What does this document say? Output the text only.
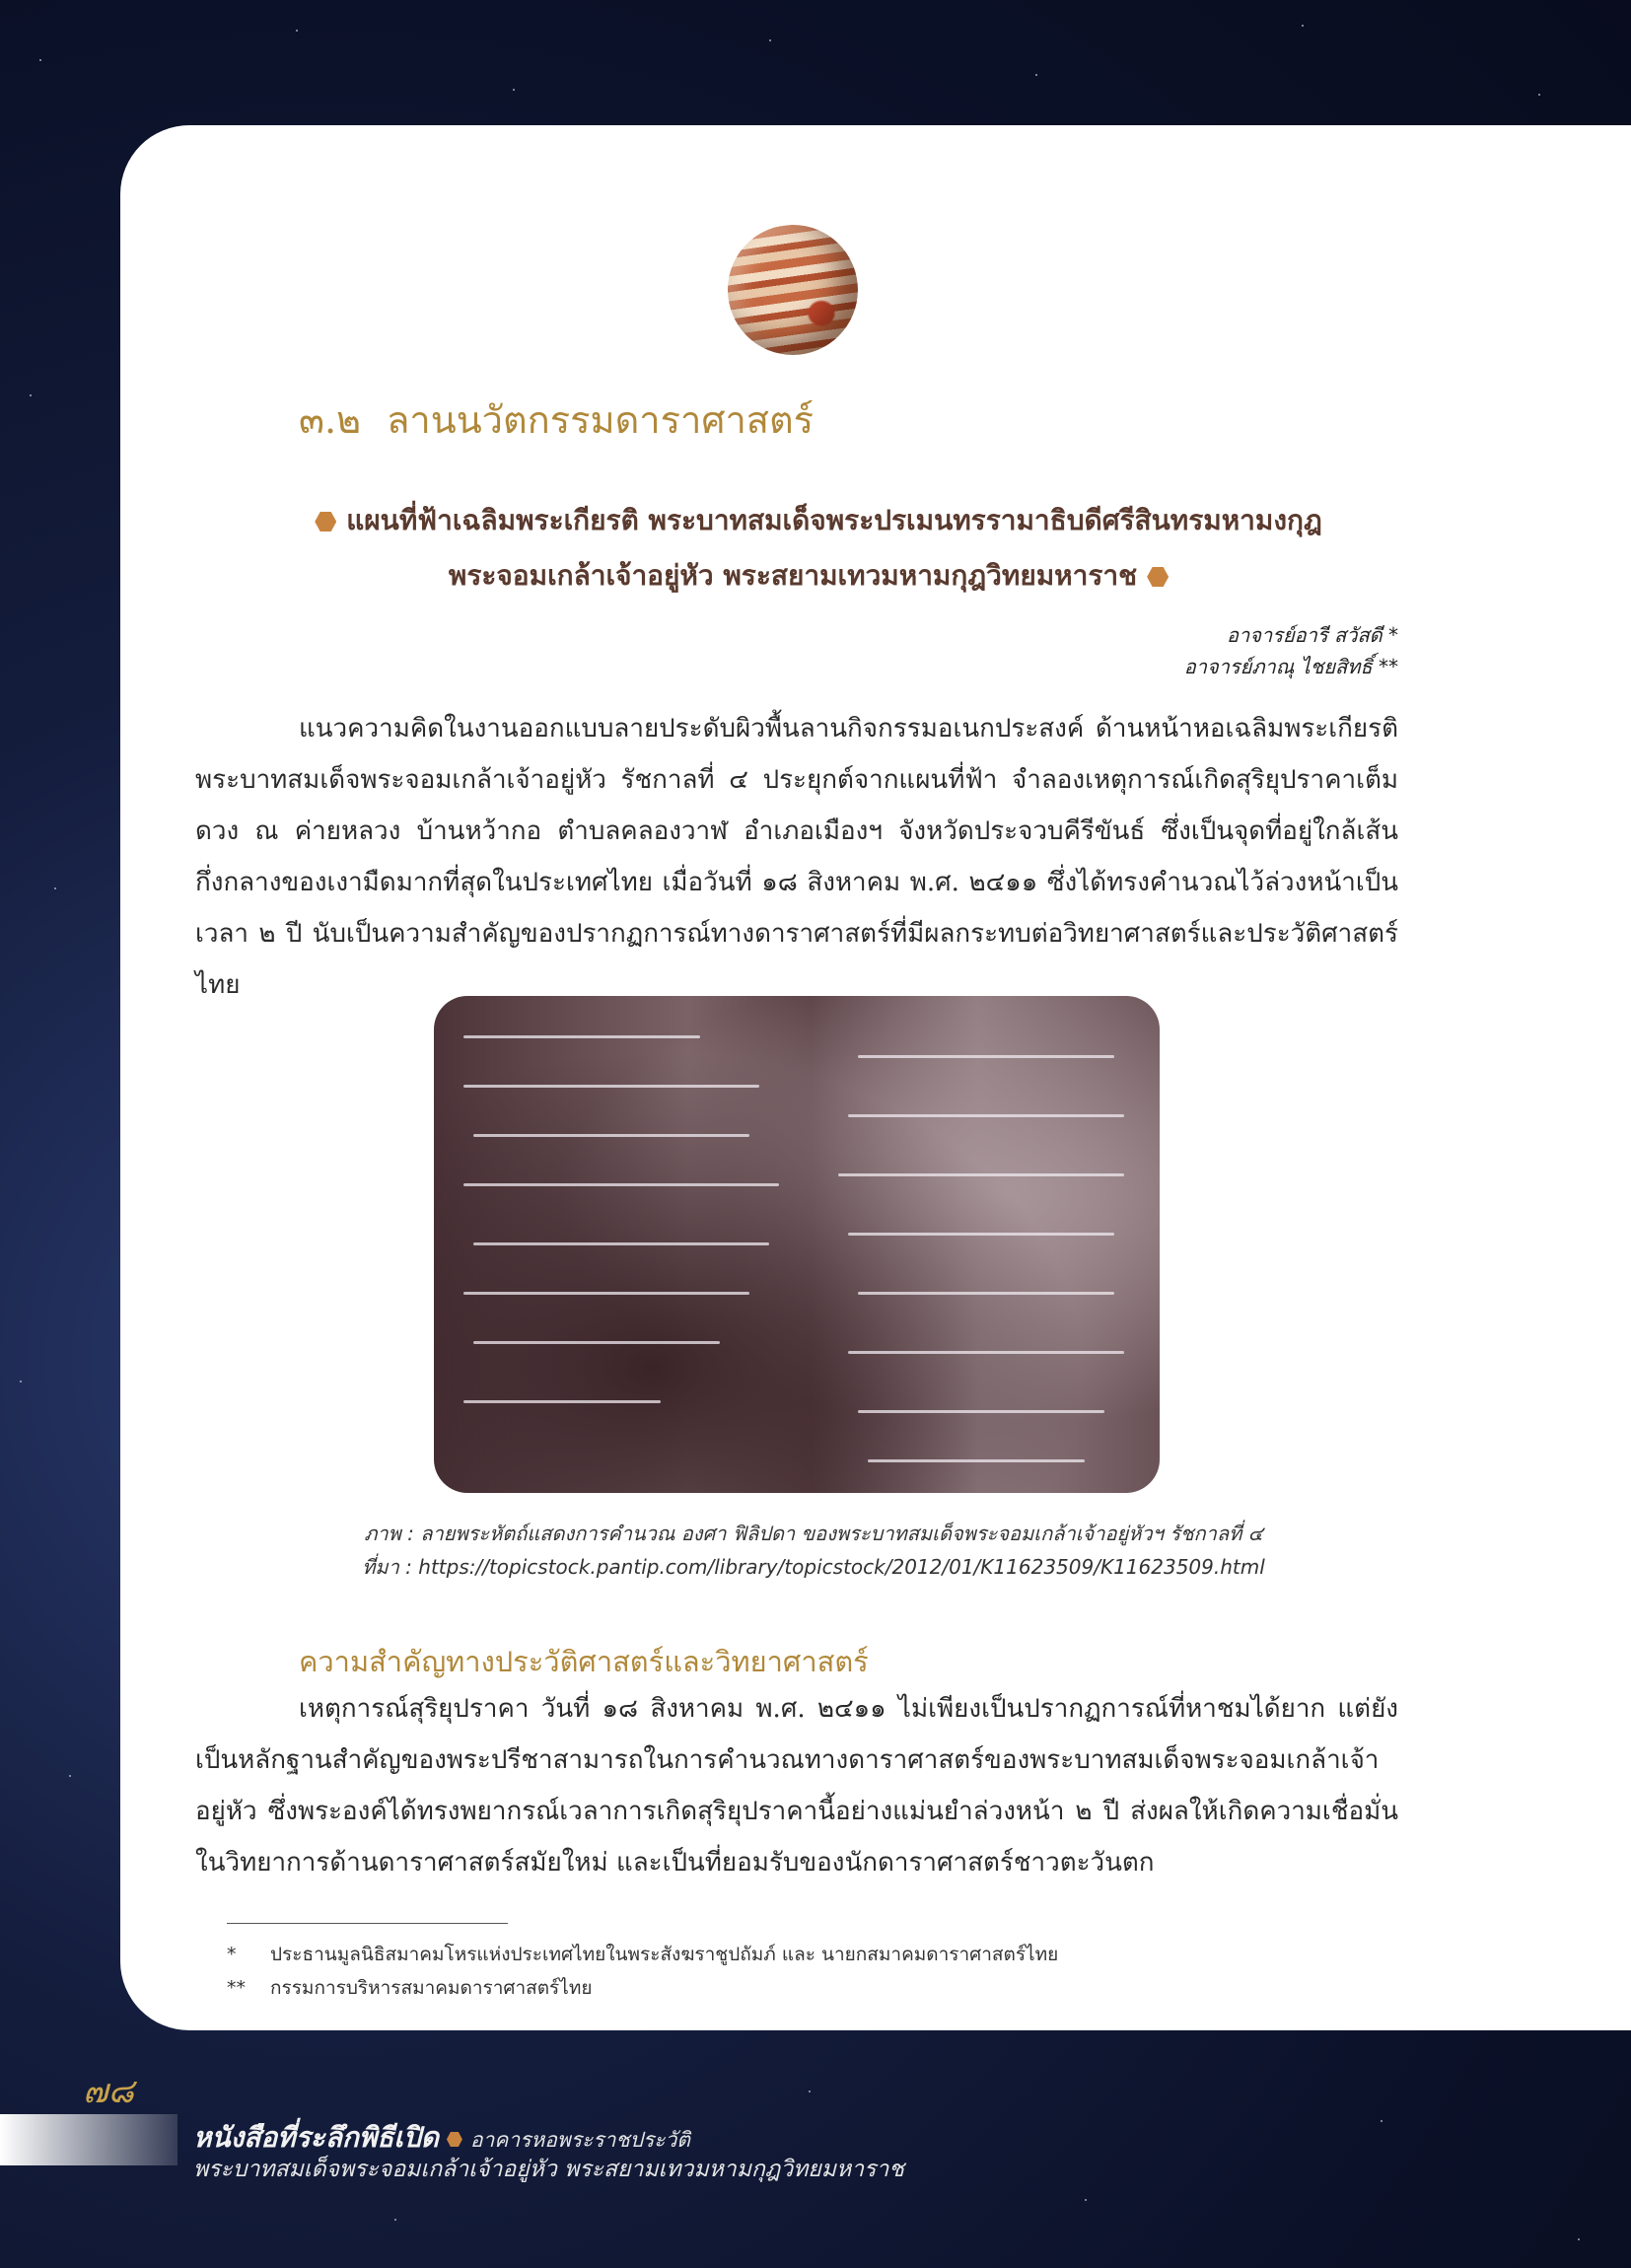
๓.๒ ลานนวัตกรรมดาราศาสตร์
แผนที่ฟ้าเฉลิมพระเกียรติ พระบาทสมเด็จพระปรเมนทรรามาธิบดีศรีสินทรมหามงกุฎ
พระจอมเกล้าเจ้าอยู่หัว พระสยามเทวมหามกุฎวิทยมหาราช
อาจารย์อารี สวัสดี *
อาจารย์ภาณุ ไชยสิทธิ์ **

แนวความคิดในงานออกแบบลายประดับผิวพื้นลานกิจกรรมอเนกประสงค์ ด้านหน้าหอเฉลิมพระเกียรติ พระบาทสมเด็จพระจอมเกล้าเจ้าอยู่หัว รัชกาลที่ ๔ ประยุกต์จากแผนที่ฟ้า จำลองเหตุการณ์เกิดสุริยุปราคาเต็มดวง ณ ค่ายหลวง บ้านหว้ากอ ตำบลคลองวาฬ อำเภอเมืองฯ จังหวัดประจวบคีรีขันธ์ ซึ่งเป็นจุดที่อยู่ใกล้เส้นกึ่งกลางของเงามืดมากที่สุดในประเทศไทย เมื่อวันที่ ๑๘ สิงหาคม พ.ศ. ๒๔๑๑ ซึ่งได้ทรงคำนวณไว้ล่วงหน้าเป็นเวลา ๒ ปี นับเป็นความสำคัญของปรากฏการณ์ทางดาราศาสตร์ที่มีผลกระทบต่อวิทยาศาสตร์และประวัติศาสตร์ไทย

ภาพ : ลายพระหัตถ์แสดงการคำนวณ องศา ฟิลิปดา ของพระบาทสมเด็จพระจอมเกล้าเจ้าอยู่หัวฯ รัชกาลที่ ๔
ที่มา : https://topicstock.pantip.com/library/topicstock/2012/01/K11623509/K11623509.html
ความสำคัญทางประวัติศาสตร์และวิทยาศาสตร์

เหตุการณ์สุริยุปราคา วันที่ ๑๘ สิงหาคม พ.ศ. ๒๔๑๑ ไม่เพียงเป็นปรากฏการณ์ที่หาชมได้ยาก แต่ยังเป็นหลักฐานสำคัญของพระปรีชาสามารถในการคำนวณทางดาราศาสตร์ของพระบาทสมเด็จพระจอมเกล้าเจ้าอยู่หัว ซึ่งพระองค์ได้ทรงพยากรณ์เวลาการเกิดสุริยุปราคานี้อย่างแม่นยำล่วงหน้า ๒ ปี ส่งผลให้เกิดความเชื่อมั่นในวิทยาการด้านดาราศาสตร์สมัยใหม่ และเป็นที่ยอมรับของนักดาราศาสตร์ชาวตะวันตก

* ประธานมูลนิธิสมาคมโหรแห่งประเทศไทยในพระสังฆราชูปถัมภ์ และ นายกสมาคมดาราศาสตร์ไทย
** กรรมการบริหารสมาคมดาราศาสตร์ไทย
๗๘
หนังสือที่ระลึกพิธีเปิด อาคารหอพระราชประวัติ
พระบาทสมเด็จพระจอมเกล้าเจ้าอยู่หัว พระสยามเทวมหามกุฎวิทยมหาราช
